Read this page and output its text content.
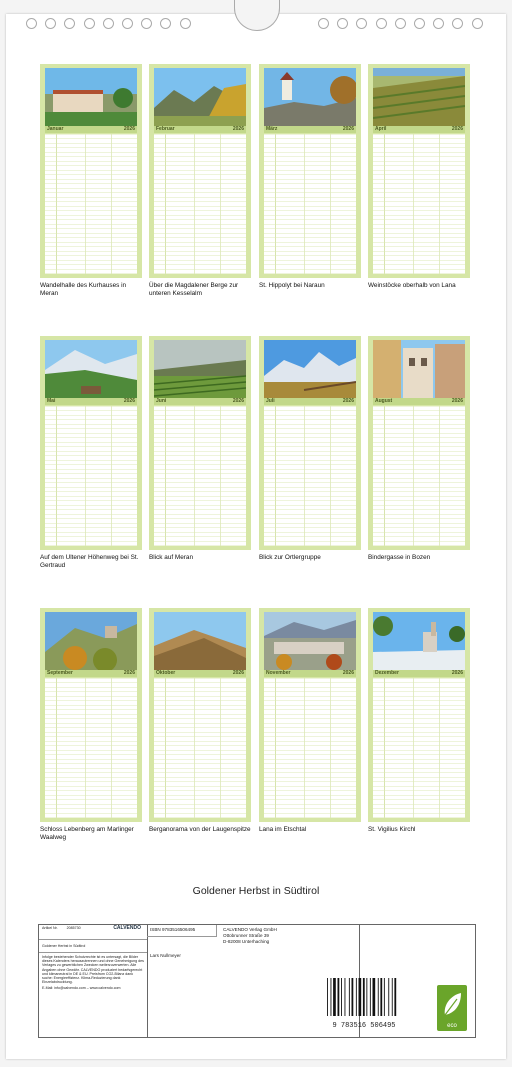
Januar	2026
Wandelhalle des Kurhauses in Meran
Februar	2026
Über die Magdalener Berge zur unteren Kesselalm
März	2026
St. Hippolyt bei Naraun
April	2026
Weinstöcke oberhalb von Lana
Mai	2026
Auf dem Ultener Höhenweg bei St. Gertraud
Juni	2026
Blick auf Meran
Juli	2026
Blick zur Ortlergruppe
August	2026
Bindergasse in Bozen
September	2026
Schloss Lebenberg am Marlinger Waalweg
Oktober	2026
Berganorama von der Laugenspitze
November	2026
Lana im Etschtal
Dezember	2026
St. Vigilius Kirchl
Goldener Herbst in Südtirol
Artikel Nr.	2085730	CALVENDO
Goldener Herbst in Südtirol
Infolge bestehender Schutzrechte ist es untersagt, die Bilder dieses Kalenders herauszutrennen und ohne Genehmigung des Verlages zu gewerblichen Zwecken weiterzuverwerten. Alle Angaben ohne Gewähr. CALVENDO produziert bedarfsgerecht und klimaneutral in DE & EU. Preisfrom CO2-Bilanz dank suche: Energieeffizienz. Klima-Reduzierung dank Einzelabdrucktung.
E-Mail: info@calvendo.com – www.calvendo.com
ISBN 9783516506495	CALVENDO Verlag GmbH
Ottobrunner Straße 39
D-82008 Unterhaching
Lars Nullmeyer
eco
9 783516 506495
